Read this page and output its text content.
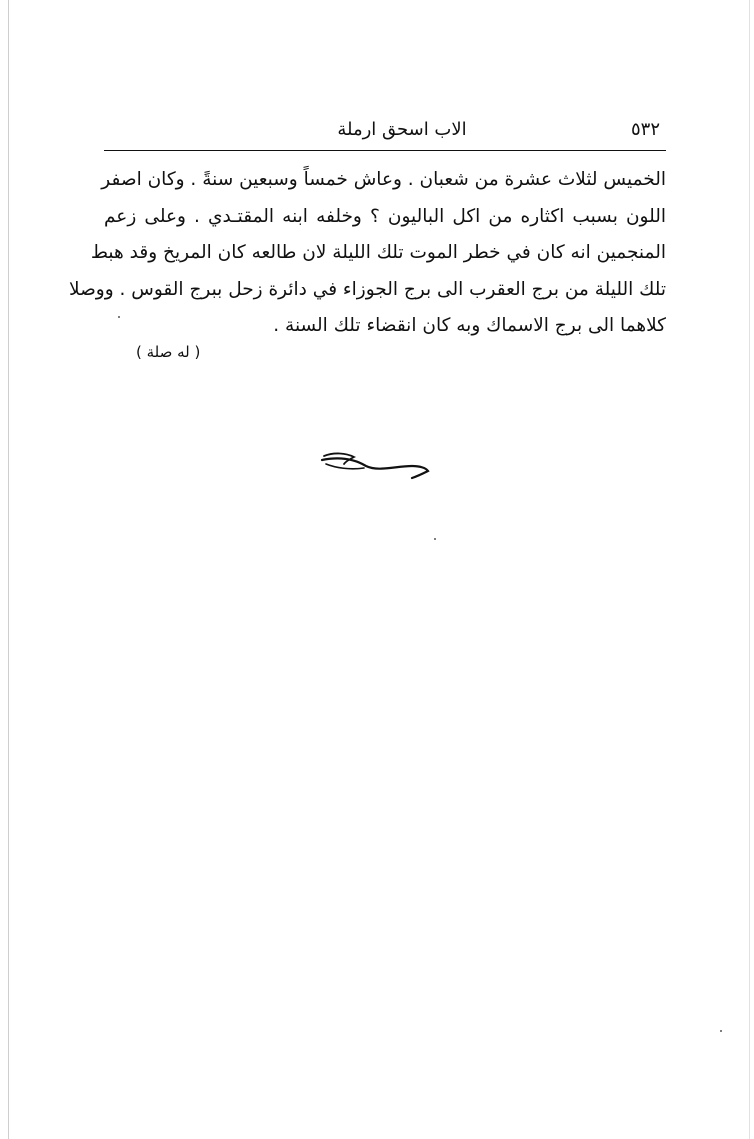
٥٣٢
الاب اسحق ارملة
الخميس لثلاث عشرة من شعبان . وعاش خمساً وسبعين سنةً . وكان اصفر
اللون بسبب اكثاره من اكل الباليون ؟ وخلفه ابنه المقتـدي . وعلى زعم
المنجمين انه كان في خطر الموت تلك الليلة لان طالعه كان المريخ وقد هبط
تلك الليلة من برج العقرب الى برج الجوزاء في دائرة زحل ببرج القوس . ووصلا
كلاهما الى برج الاسماك وبه كان انقضاء تلك السنة .
( له صلة )
